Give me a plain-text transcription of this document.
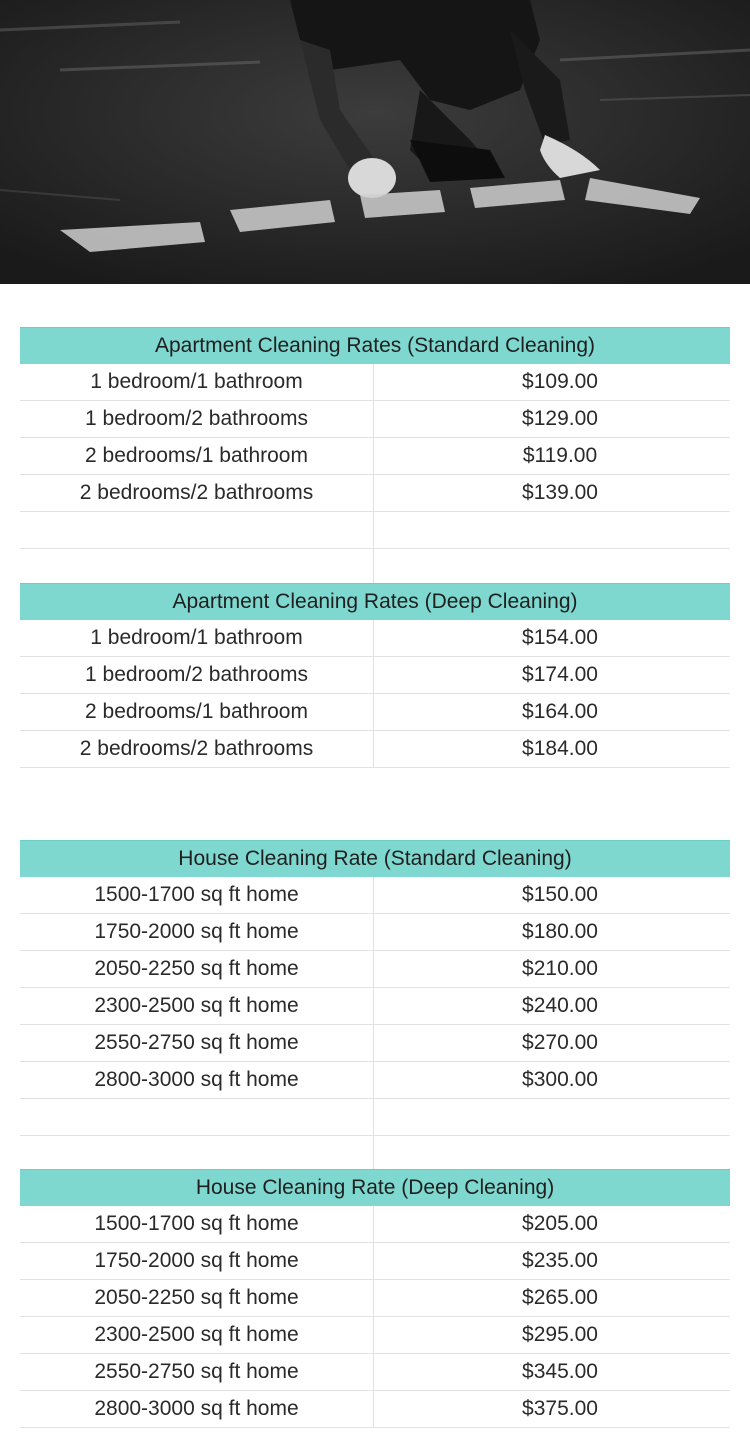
Apartment Cleaning Rates (Standard Cleaning)
1 bedroom/1 bathroom	$109.00
1 bedroom/2 bathrooms	$129.00
2 bedrooms/1 bathroom	$119.00
2 bedrooms/2 bathrooms	$139.00
Apartment Cleaning Rates (Deep Cleaning)
1 bedroom/1 bathroom	$154.00
1 bedroom/2 bathrooms	$174.00
2 bedrooms/1 bathroom	$164.00
2 bedrooms/2 bathrooms	$184.00
House Cleaning Rate (Standard Cleaning)
1500-1700 sq ft home	$150.00
1750-2000 sq ft home	$180.00
2050-2250 sq ft home	$210.00
2300-2500 sq ft home	$240.00
2550-2750 sq ft home	$270.00
2800-3000 sq ft home	$300.00
House Cleaning Rate (Deep Cleaning)
1500-1700 sq ft home	$205.00
1750-2000 sq ft home	$235.00
2050-2250 sq ft home	$265.00
2300-2500 sq ft home	$295.00
2550-2750 sq ft home	$345.00
2800-3000 sq ft home	$375.00
